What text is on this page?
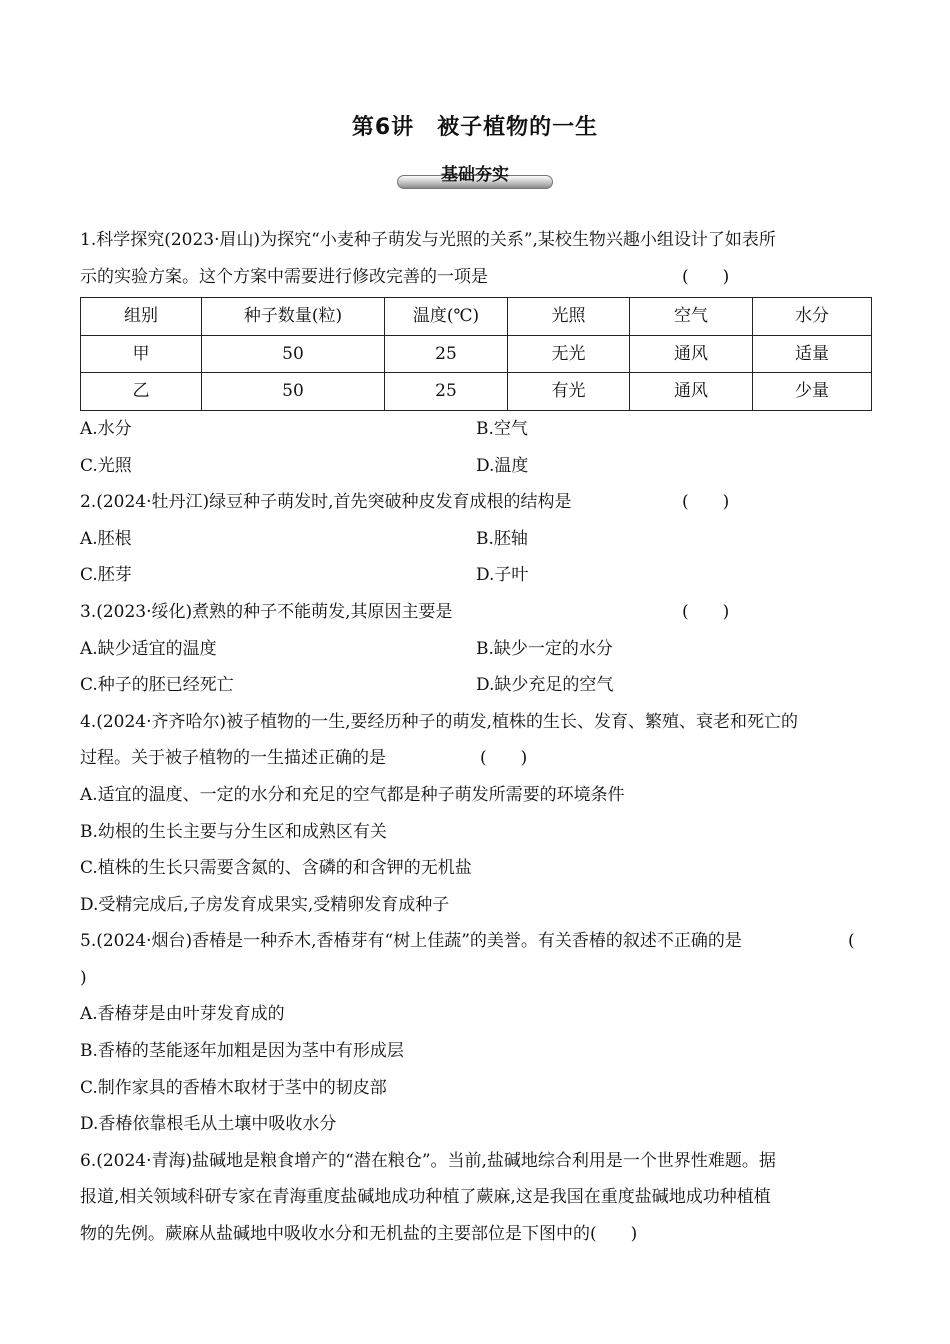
第6讲　被子植物的一生
基础夯实
1.科学探究(2023·眉山)为探究“小麦种子萌发与光照的关系”,某校生物兴趣小组设计了如表所
示的实验方案。这个方案中需要进行修改完善的一项是	(　　)
组别	种子数量(粒)	温度(℃)	光照	空气	水分
甲	50	25	无光	通风	适量
乙	50	25	有光	通风	少量
A.水分	B.空气
C.光照	D.温度
2.(2024·牡丹江)绿豆种子萌发时,首先突破种皮发育成根的结构是	(　　)
A.胚根	B.胚轴
C.胚芽	D.子叶
3.(2023·绥化)煮熟的种子不能萌发,其原因主要是	(　　)
A.缺少适宜的温度	B.缺少一定的水分
C.种子的胚已经死亡	D.缺少充足的空气
4.(2024·齐齐哈尔)被子植物的一生,要经历种子的萌发,植株的生长、发育、繁殖、衰老和死亡的
过程。关于被子植物的一生描述正确的是	(　　)
A.适宜的温度、一定的水分和充足的空气都是种子萌发所需要的环境条件
B.幼根的生长主要与分生区和成熟区有关
C.植株的生长只需要含氮的、含磷的和含钾的无机盐
D.受精完成后,子房发育成果实,受精卵发育成种子
5.(2024·烟台)香椿是一种乔木,香椿芽有“树上佳蔬”的美誉。有关香椿的叙述不正确的是	(
)
A.香椿芽是由叶芽发育成的
B.香椿的茎能逐年加粗是因为茎中有形成层
C.制作家具的香椿木取材于茎中的韧皮部
D.香椿依靠根毛从土壤中吸收水分
6.(2024·青海)盐碱地是粮食增产的“潜在粮仓”。当前,盐碱地综合利用是一个世界性难题。据
报道,相关领域科研专家在青海重度盐碱地成功种植了蕨麻,这是我国在重度盐碱地成功种植植
物的先例。蕨麻从盐碱地中吸收水分和无机盐的主要部位是下图中的(　　)
